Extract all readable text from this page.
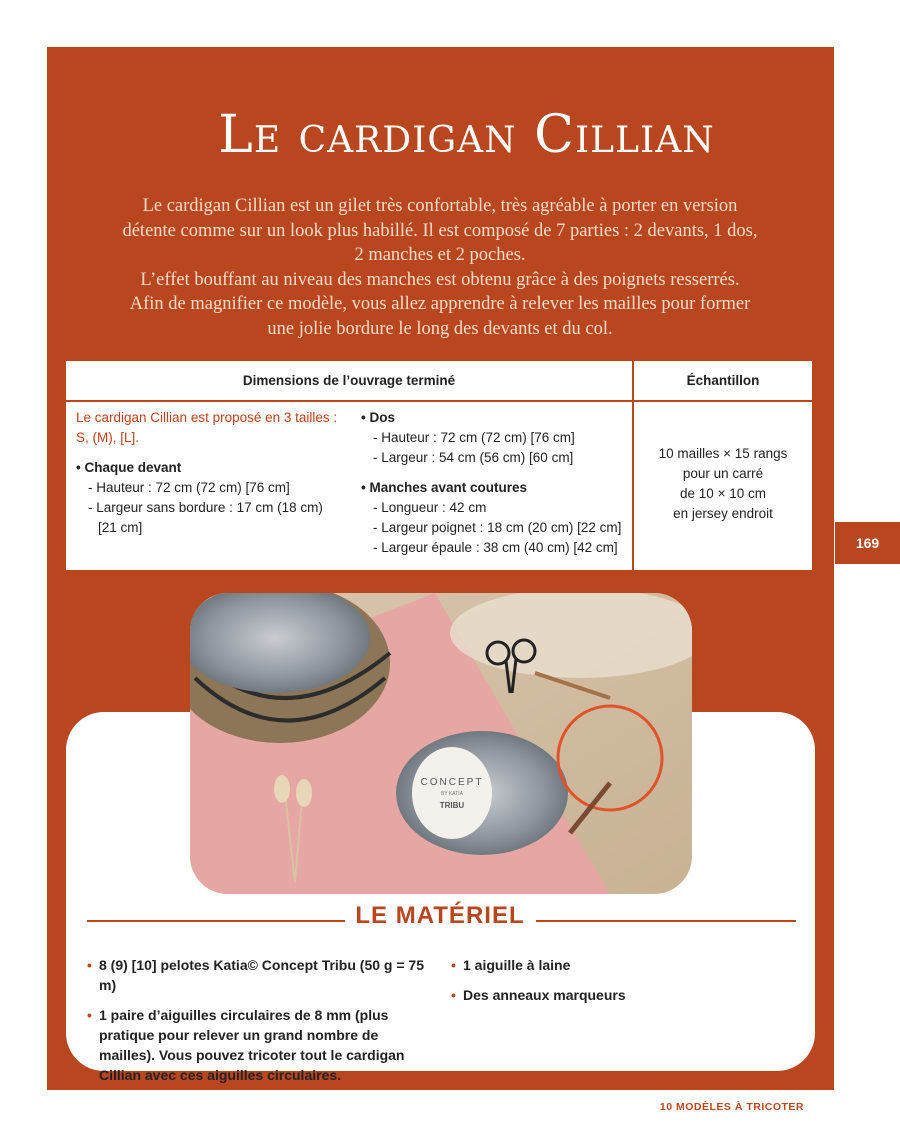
Le cardigan Cillian

Le cardigan Cillian est un gilet très confortable, très agréable à porter en version

détente comme sur un look plus habillé. Il est composé de 7 parties : 2 devants, 1 dos,

2 manches et 2 poches.

L’effet bouffant au niveau des manches est obtenu grâce à des poignets resserrés.

Afin de magnifier ce modèle, vous allez apprendre à relever les mailles pour former

une jolie bordure le long des devants et du col.

Dimensions de l’ouvrage terminé	Échantillon
Le cardigan Cillian est proposé en 3 tailles :
S, (M), [L].
• Chaque devant
- Hauteur : 72 cm (72 cm) [76 cm]
- Largeur sans bordure : 17 cm (18 cm)
[21 cm]
• Dos
- Hauteur : 72 cm (72 cm) [76 cm]
- Largeur : 54 cm (56 cm) [60 cm]
• Manches avant coutures
- Longueur : 42 cm
- Largeur poignet : 18 cm (20 cm) [22 cm]
- Largeur épaule : 38 cm (40 cm) [42 cm]
10 mailles × 15 rangs
pour un carré
de 10 × 10 cm
en jersey endroit
169
CONCEPT
BY KATIA
TRIBU
LE MATÉRIEL
• 8 (9) [10] pelotes Katia© Concept Tribu (50 g = 75 m)
• 1 paire d’aiguilles circulaires de 8 mm (plus pratique pour relever un grand nombre de mailles). Vous pouvez tricoter tout le cardigan Cillian avec ces aiguilles circulaires.
• 1 aiguille à laine
• Des anneaux marqueurs
10 MODÈLES À TRICOTER
